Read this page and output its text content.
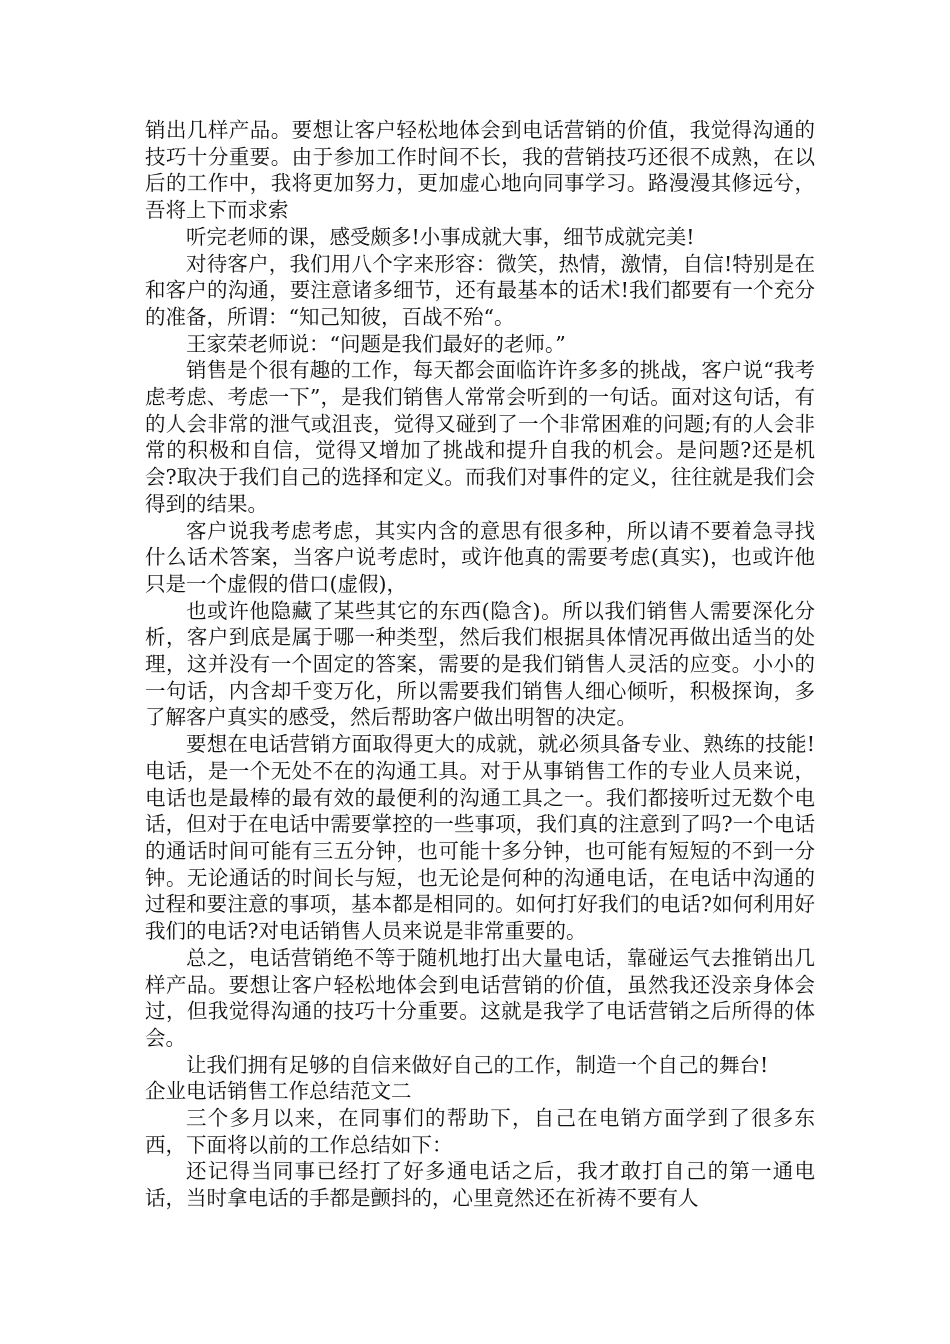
销出几样产品。要想让客户轻松地体会到电话营销的价值，我觉得沟通的技巧十分重要。由于参加工作时间不长，我的营销技巧还很不成熟，在以后的工作中，我将更加努力，更加虚心地向同事学习。路漫漫其修远兮，吾将上下而求索

听完老师的课，感受颇多!小事成就大事，细节成就完美!

对待客户，我们用八个字来形容：微笑，热情，激情，自信!特别是在和客户的沟通，要注意诸多细节，还有最基本的话术!我们都要有一个充分的准备，所谓：“知己知彼，百战不殆“。

王家荣老师说：“问题是我们最好的老师。”

销售是个很有趣的工作，每天都会面临许许多多的挑战，客户说“我考虑考虑、考虑一下”，是我们销售人常常会听到的一句话。面对这句话，有的人会非常的泄气或沮丧，觉得又碰到了一个非常困难的问题;有的人会非常的积极和自信，觉得又增加了挑战和提升自我的机会。是问题?还是机会?取决于我们自己的选择和定义。而我们对事件的定义，往往就是我们会得到的结果。

客户说我考虑考虑，其实内含的意思有很多种，所以请不要着急寻找什么话术答案，当客户说考虑时，或许他真的需要考虑(真实)，也或许他只是一个虚假的借口(虚假)，

也或许他隐藏了某些其它的东西(隐含)。所以我们销售人需要深化分析，客户到底是属于哪一种类型，然后我们根据具体情况再做出适当的处理，这并没有一个固定的答案，需要的是我们销售人灵活的应变。小小的一句话，内含却千变万化，所以需要我们销售人细心倾听，积极探询，多了解客户真实的感受，然后帮助客户做出明智的决定。

要想在电话营销方面取得更大的成就，就必须具备专业、熟练的技能!电话，是一个无处不在的沟通工具。对于从事销售工作的专业人员来说，电话也是最棒的最有效的最便利的沟通工具之一。我们都接听过无数个电话，但对于在电话中需要掌控的一些事项，我们真的注意到了吗?一个电话的通话时间可能有三五分钟，也可能十多分钟，也可能有短短的不到一分钟。无论通话的时间长与短，也无论是何种的沟通电话，在电话中沟通的过程和要注意的事项，基本都是相同的。如何打好我们的电话?如何利用好我们的电话?对电话销售人员来说是非常重要的。

总之，电话营销绝不等于随机地打出大量电话，靠碰运气去推销出几样产品。要想让客户轻松地体会到电话营销的价值，虽然我还没亲身体会过，但我觉得沟通的技巧十分重要。这就是我学了电话营销之后所得的体会。

让我们拥有足够的自信来做好自己的工作，制造一个自己的舞台!

企业电话销售工作总结范文二

三个多月以来，在同事们的帮助下，自己在电销方面学到了很多东西，下面将以前的工作总结如下：

还记得当同事已经打了好多通电话之后，我才敢打自己的第一通电话，当时拿电话的手都是颤抖的，心里竟然还在祈祷不要有人
